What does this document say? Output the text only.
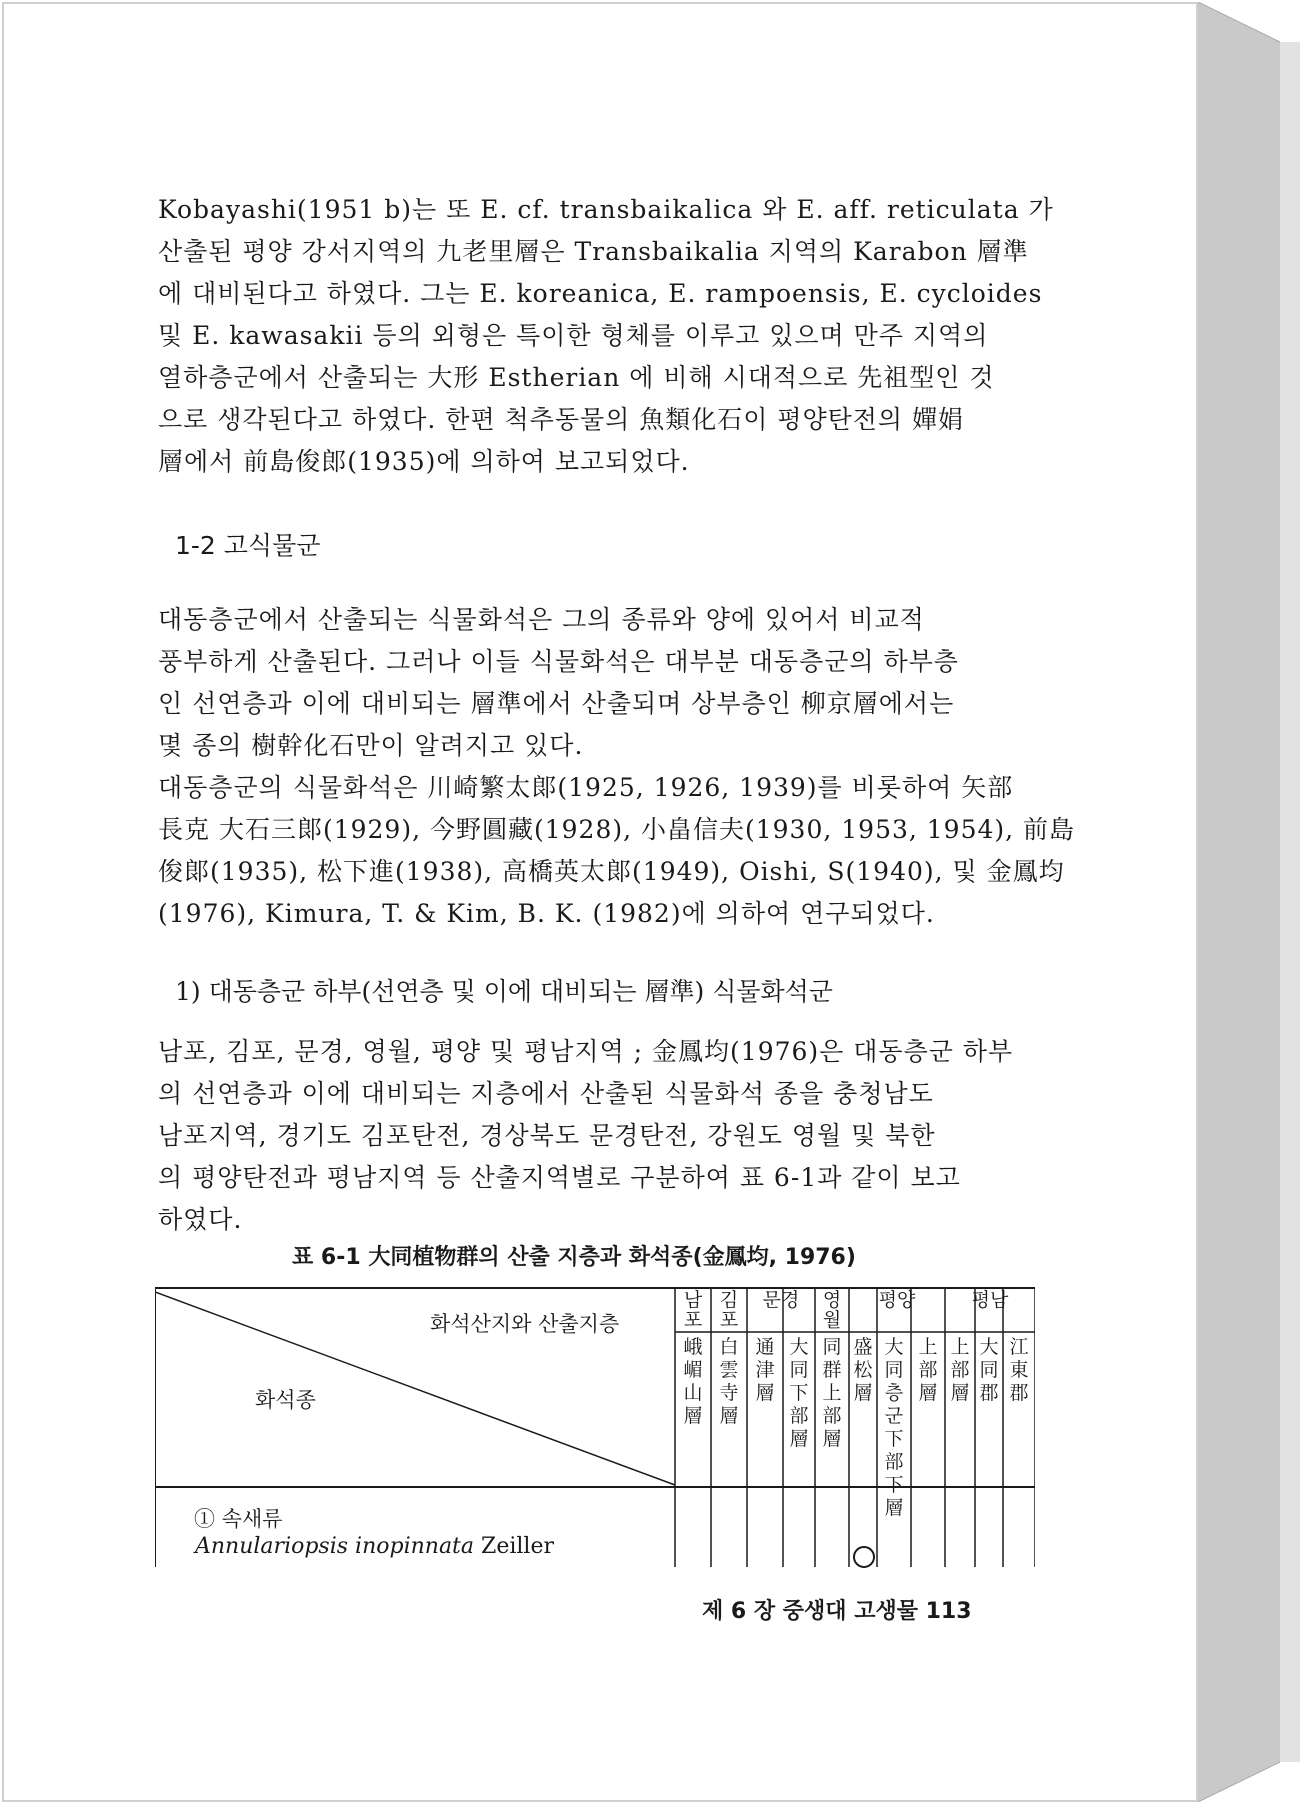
Kobayashi(1951 b)는 또 E. cf. transbaikalica 와 E. aff. reticulata 가
산출된 평양 강서지역의 九老里層은 Transbaikalia 지역의 Karabon 層準
에 대비된다고 하였다. 그는 E. koreanica, E. rampoensis, E. cycloides
및 E. kawasakii 등의 외형은 특이한 형체를 이루고 있으며 만주 지역의
열하층군에서 산출되는 大形 Estherian 에 비해 시대적으로 先祖型인 것
으로 생각된다고 하였다. 한편 척추동물의 魚類化石이 평양탄전의 嬋娟
層에서 前島俊郎(1935)에 의하여 보고되었다.
1-2 고식물군
대동층군에서 산출되는 식물화석은 그의 종류와 양에 있어서 비교적
풍부하게 산출된다. 그러나 이들 식물화석은 대부분 대동층군의 하부층
인 선연층과 이에 대비되는 層準에서 산출되며 상부층인 柳京層에서는
몇 종의 樹幹化石만이 알려지고 있다.
대동층군의 식물화석은 川崎繁太郞(1925, 1926, 1939)를 비롯하여 矢部
長克 大石三郞(1929), 今野圓藏(1928), 小畠信夫(1930, 1953, 1954), 前島
俊郞(1935), 松下進(1938), 高橋英太郞(1949), Oishi, S(1940), 및 金鳳均
(1976), Kimura, T. & Kim, B. K. (1982)에 의하여 연구되었다.
1) 대동층군 하부(선연층 및 이에 대비되는 層準) 식물화석군
남포, 김포, 문경, 영월, 평양 및 평남지역 ; 金鳳均(1976)은 대동층군 하부
의 선연층과 이에 대비되는 지층에서 산출된 식물화석 종을 충청남도
남포지역, 경기도 김포탄전, 경상북도 문경탄전, 강원도 영월 및 북한
의 평양탄전과 평남지역 등 산출지역별로 구분하여 표 6-1과 같이 보고
하였다.
표 6-1 大同植物群의 산출 지층과 화석종(金鳳均, 1976)
화석산지와 산출지층
화석종
남포
김포
문경	영월
평양	평남
峨嵋山層
白雲寺層
通津層
大同下部層
同群上部層
盛松層
大同층군下部下層
上部層
上部層
大同郡
江東郡
① 속새류
Annulariopsis inopinnata Zeiller
제 6 장 중생대 고생물 113
